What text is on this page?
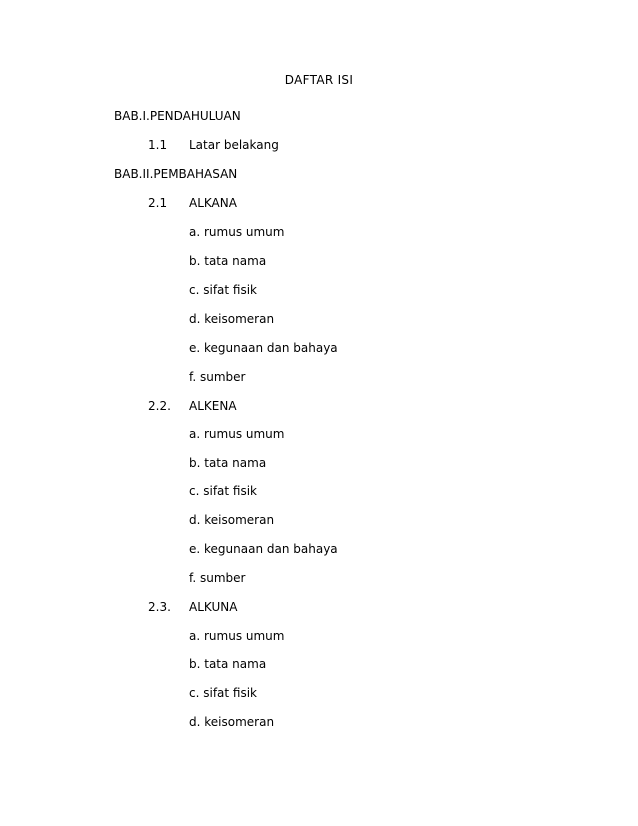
DAFTAR ISI
BAB.I.PENDAHULUAN
1.1 Latar belakang
BAB.II.PEMBAHASAN
2.1 ALKANA
a. rumus umum
b. tata nama
c. sifat fisik
d. keisomeran
e. kegunaan dan bahaya
f. sumber
2.2. ALKENA
a. rumus umum
b. tata nama
c. sifat fisik
d. keisomeran
e. kegunaan dan bahaya
f. sumber
2.3. ALKUNA
a. rumus umum
b. tata nama
c. sifat fisik
d. keisomeran
